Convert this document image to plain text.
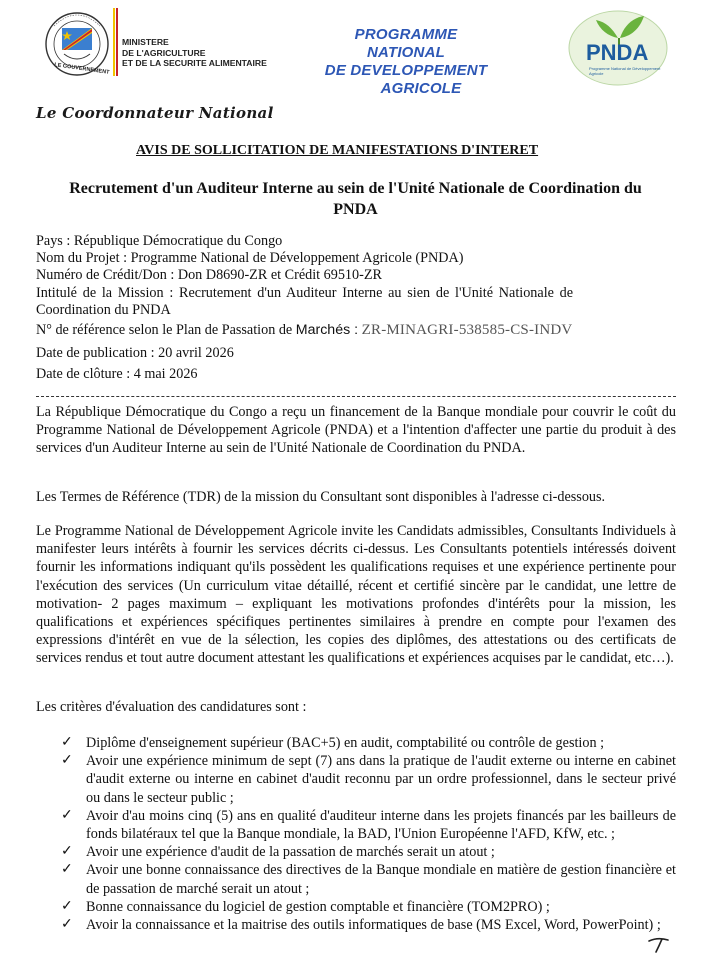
LE GOUVERNEMENT
MINISTERE
DE L'AGRICULTURE
ET DE LA SECURITE ALIMENTAIRE
PROGRAMME NATIONAL
DE DEVELOPPEMENT
AGRICOLE
PNDA
Programme National de Développement Agricole
Le Coordonnateur National
AVIS DE SOLLICITATION DE MANIFESTATIONS D'INTERET
Recrutement d'un Auditeur Interne au sein de l'Unité Nationale de Coordination du
PNDA
Pays : République Démocratique du Congo
Nom du Projet : Programme National de Développement Agricole (PNDA)
Numéro de Crédit/Don : Don D8690-ZR et Crédit 69510-ZR
Intitulé de la Mission : Recrutement d'un Auditeur Interne au sien de l'Unité Nationale de
Coordination du PNDA
N° de référence selon le Plan de Passation de Marchés : ZR-MINAGRI-538585-CS-INDV
Date de publication : 20 avril 2026
Date de clôture : 4 mai 2026
La République Démocratique du Congo a reçu un financement de la Banque mondiale pour couvrir le coût du Programme National de Développement Agricole (PNDA) et a l'intention d'affecter une partie du produit à des services d'un Auditeur Interne au sein de l'Unité Nationale de Coordination du PNDA.
Les Termes de Référence (TDR) de la mission du Consultant sont disponibles à l'adresse ci-dessous.
Le Programme National de Développement Agricole invite les Candidats admissibles, Consultants Individuels à manifester leurs intérêts à fournir les services décrits ci-dessus. Les Consultants potentiels intéressés doivent fournir les informations indiquant qu'ils possèdent les qualifications requises et une expérience pertinente pour l'exécution des services (Un curriculum vitae détaillé, récent et certifié sincère par le candidat, une lettre de motivation- 2 pages maximum – expliquant les motivations profondes d'intérêts pour la mission, les qualifications et expériences spécifiques pertinentes similaires à prendre en compte pour l'examen des expressions d'intérêt en vue de la sélection, les copies des diplômes, des attestations ou des certificats de services rendus et tout autre document attestant les qualifications et expériences acquises par le candidat, etc…).
Les critères d'évaluation des candidatures sont :
✓ Diplôme d'enseignement supérieur (BAC+5) en audit, comptabilité ou contrôle de gestion ;
✓ Avoir une expérience minimum de sept (7) ans dans la pratique de l'audit externe ou interne en cabinet d'audit externe ou interne en cabinet d'audit reconnu par un ordre professionnel, dans le secteur privé ou dans le secteur public ;
✓ Avoir d'au moins cinq (5) ans en qualité d'auditeur interne dans les projets financés par les bailleurs de fonds bilatéraux tel que la Banque mondiale, la BAD, l'Union Européenne l'AFD, KfW, etc. ;
✓ Avoir une expérience d'audit de la passation de marchés serait un atout ;
✓ Avoir une bonne connaissance des directives de la Banque mondiale en matière de gestion financière et de passation de marché serait un atout ;
✓ Bonne connaissance du logiciel de gestion comptable et financière (TOM2PRO) ;
✓ Avoir la connaissance et la maitrise des outils informatiques de base (MS Excel, Word, PowerPoint) ;
